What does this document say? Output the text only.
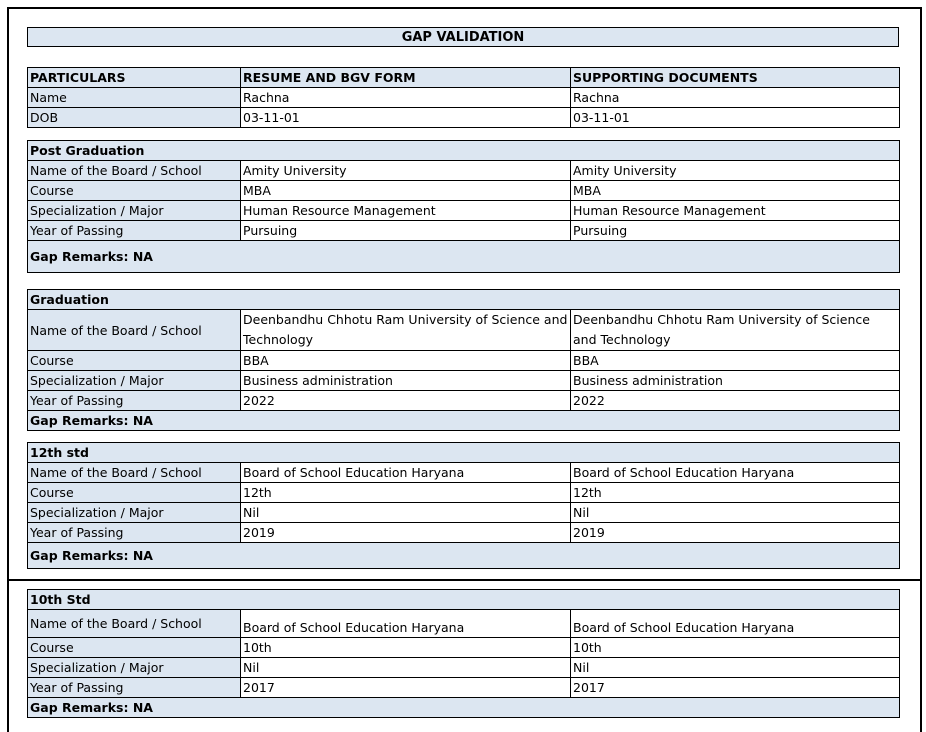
GAP VALIDATION
PARTICULARS	RESUME AND BGV FORM	SUPPORTING DOCUMENTS
Name	Rachna	Rachna
DOB	03-11-01	03-11-01
Post Graduation		
Name of the Board / School	Amity University	Amity University
Course	MBA	MBA
Specialization / Major	Human Resource Management	Human Resource Management
Year of Passing	Pursuing	Pursuing
Gap Remarks: NA		
Graduation		
Name of the Board / School	Deenbandhu Chhotu Ram University of Science and Technology	Deenbandhu Chhotu Ram University of Science and Technology
Course	BBA	BBA
Specialization / Major	Business administration	Business administration
Year of Passing	2022	2022
Gap Remarks: NA		
12th std		
Name of the Board / School	Board of School Education Haryana	Board of School Education Haryana
Course	12th	12th
Specialization / Major	Nil	Nil
Year of Passing	2019	2019
Gap Remarks: NA		
10th Std		
Name of the Board / School	Board of School Education Haryana	Board of School Education Haryana
Course	10th	10th
Specialization / Major	Nil	Nil
Year of Passing	2017	2017
Gap Remarks: NA		
